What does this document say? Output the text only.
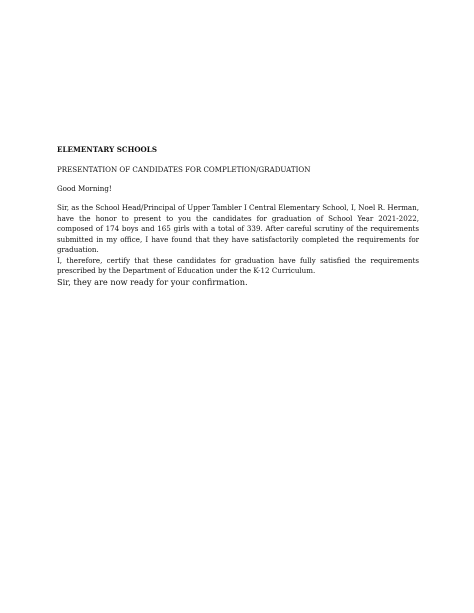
ELEMENTARY SCHOOLS

PRESENTATION OF CANDIDATES FOR COMPLETION/GRADUATION

Good Morning!

Sir, as the School Head/Principal of Upper Tambler I Central Elementary School, I, Noel R. Herman, have the honor to present to you the candidates for graduation of School Year 2021-2022, composed of 174 boys and 165 girls with a total of 339. After careful scrutiny of the requirements submitted in my office, I have found that they have satisfactorily completed the requirements for graduation.

I, therefore, certify that these candidates for graduation have fully satisfied the requirements prescribed by the Department of Education under the K-12 Curriculum.

Sir, they are now ready for your confirmation.
